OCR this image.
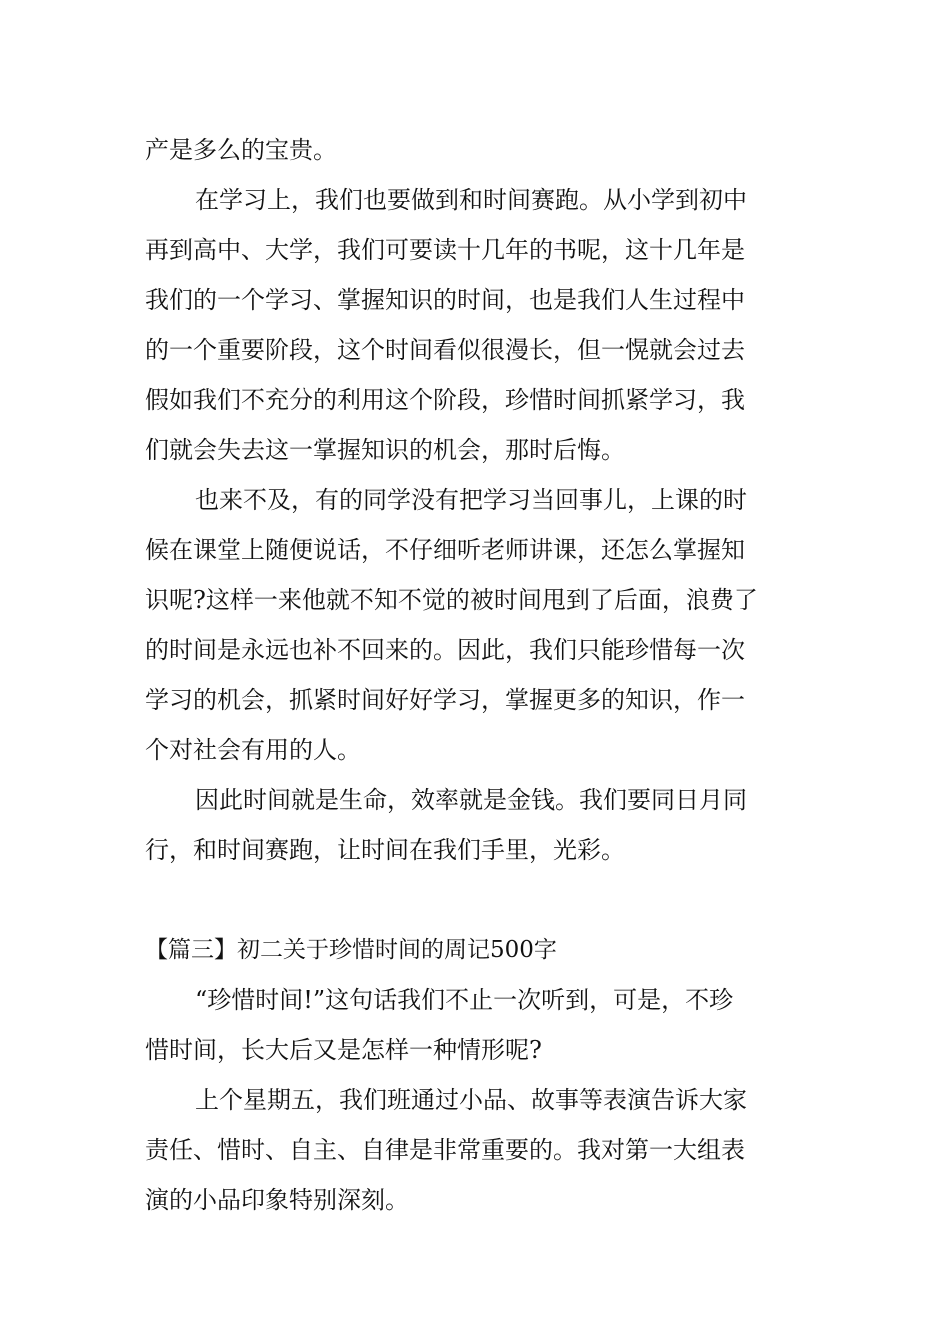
产是多么的宝贵。
在学习上，我们也要做到和时间赛跑。从小学到初中
再到高中、大学，我们可要读十几年的书呢，这十几年是
我们的一个学习、掌握知识的时间，也是我们人生过程中
的一个重要阶段，这个时间看似很漫长，但一愰就会过去
假如我们不充分的利用这个阶段，珍惜时间抓紧学习，我
们就会失去这一掌握知识的机会，那时后悔。
也来不及，有的同学没有把学习当回事儿，上课的时
候在课堂上随便说话，不仔细听老师讲课，还怎么掌握知
识呢?这样一来他就不知不觉的被时间甩到了后面，浪费了
的时间是永远也补不回来的。因此，我们只能珍惜每一次
学习的机会，抓紧时间好好学习，掌握更多的知识，作一
个对社会有用的人。
因此时间就是生命，效率就是金钱。我们要同日月同
行，和时间赛跑，让时间在我们手里，光彩。
【篇三】初二关于珍惜时间的周记500字
“珍惜时间!”这句话我们不止一次听到，可是，不珍
惜时间，长大后又是怎样一种情形呢?
上个星期五，我们班通过小品、故事等表演告诉大家
责任、惜时、自主、自律是非常重要的。我对第一大组表
演的小品印象特别深刻。
